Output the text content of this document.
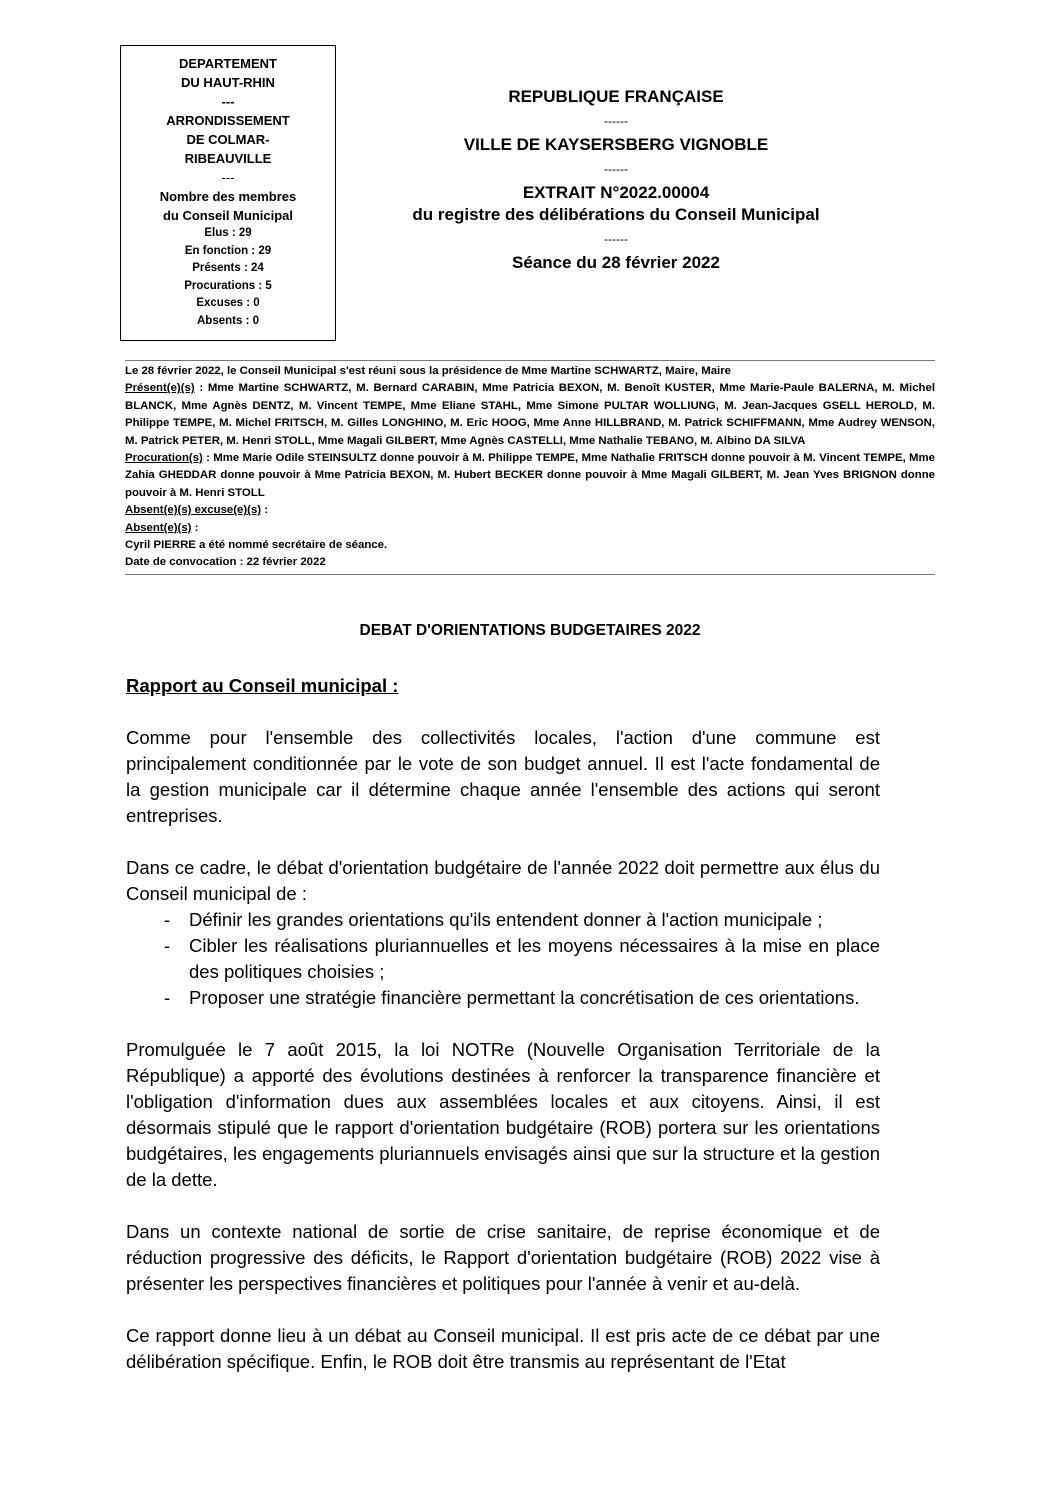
DEPARTEMENT
DU HAUT-RHIN
---
ARRONDISSEMENT
DE COLMAR-
RIBEAUVILLE
---
Nombre des membres
du Conseil Municipal
Elus : 29
En fonction : 29
Présents : 24
Procurations : 5
Excuses : 0
Absents : 0
REPUBLIQUE FRANÇAISE
------
VILLE DE KAYSERSBERG VIGNOBLE
------
EXTRAIT N°2022.00004
du registre des délibérations du Conseil Municipal
------
Séance du 28 février 2022

Le 28 février 2022, le Conseil Municipal s'est réuni sous la présidence de Mme Martine SCHWARTZ, Maire, Maire

Présent(e)(s) : Mme Martine SCHWARTZ, M. Bernard CARABIN, Mme Patricia BEXON, M. Benoît KUSTER, Mme Marie-Paule BALERNA, M. Michel BLANCK, Mme Agnès DENTZ, M. Vincent TEMPE, Mme Eliane STAHL, Mme Simone PULTAR WOLLIUNG, M. Jean-Jacques GSELL HEROLD, M. Philippe TEMPE, M. Michel FRITSCH, M. Gilles LONGHINO, M. Eric HOOG, Mme Anne HILLBRAND, M. Patrick SCHIFFMANN, Mme Audrey WENSON, M. Patrick PETER, M. Henri STOLL, Mme Magali GILBERT, Mme Agnès CASTELLI, Mme Nathalie TEBANO, M. Albino DA SILVA

Procuration(s) : Mme Marie Odile STEINSULTZ donne pouvoir à M. Philippe TEMPE, Mme Nathalie FRITSCH donne pouvoir à M. Vincent TEMPE, Mme Zahia GHEDDAR donne pouvoir à Mme Patricia BEXON, M. Hubert BECKER donne pouvoir à Mme Magali GILBERT, M. Jean Yves BRIGNON donne pouvoir à M. Henri STOLL

Absent(e)(s) excuse(e)(s) :

Absent(e)(s) :

Cyril PIERRE a été nommé secrétaire de séance.

Date de convocation : 22 février 2022

DEBAT D'ORIENTATIONS BUDGETAIRES 2022
Rapport au Conseil municipal :

Comme pour l'ensemble des collectivités locales, l'action d'une commune est principalement conditionnée par le vote de son budget annuel. Il est l'acte fondamental de la gestion municipale car il détermine chaque année l'ensemble des actions qui seront entreprises.

Dans ce cadre, le débat d'orientation budgétaire de l'année 2022 doit permettre aux élus du Conseil municipal de :

-	Définir les grandes orientations qu'ils entendent donner à l'action municipale ;
-	Cibler les réalisations pluriannuelles et les moyens nécessaires à la mise en place des politiques choisies ;
-	Proposer une stratégie financière permettant la concrétisation de ces orientations.

Promulguée le 7 août 2015, la loi NOTRe (Nouvelle Organisation Territoriale de la République) a apporté des évolutions destinées à renforcer la transparence financière et l'obligation d'information dues aux assemblées locales et aux citoyens. Ainsi, il est désormais stipulé que le rapport d'orientation budgétaire (ROB) portera sur les orientations budgétaires, les engagements pluriannuels envisagés ainsi que sur la structure et la gestion de la dette.

Dans un contexte national de sortie de crise sanitaire, de reprise économique et de réduction progressive des déficits, le Rapport d'orientation budgétaire (ROB) 2022 vise à présenter les perspectives financières et politiques pour l'année à venir et au-delà.

Ce rapport donne lieu à un débat au Conseil municipal. Il est pris acte de ce débat par une délibération spécifique. Enfin, le ROB doit être transmis au représentant de l'Etat
